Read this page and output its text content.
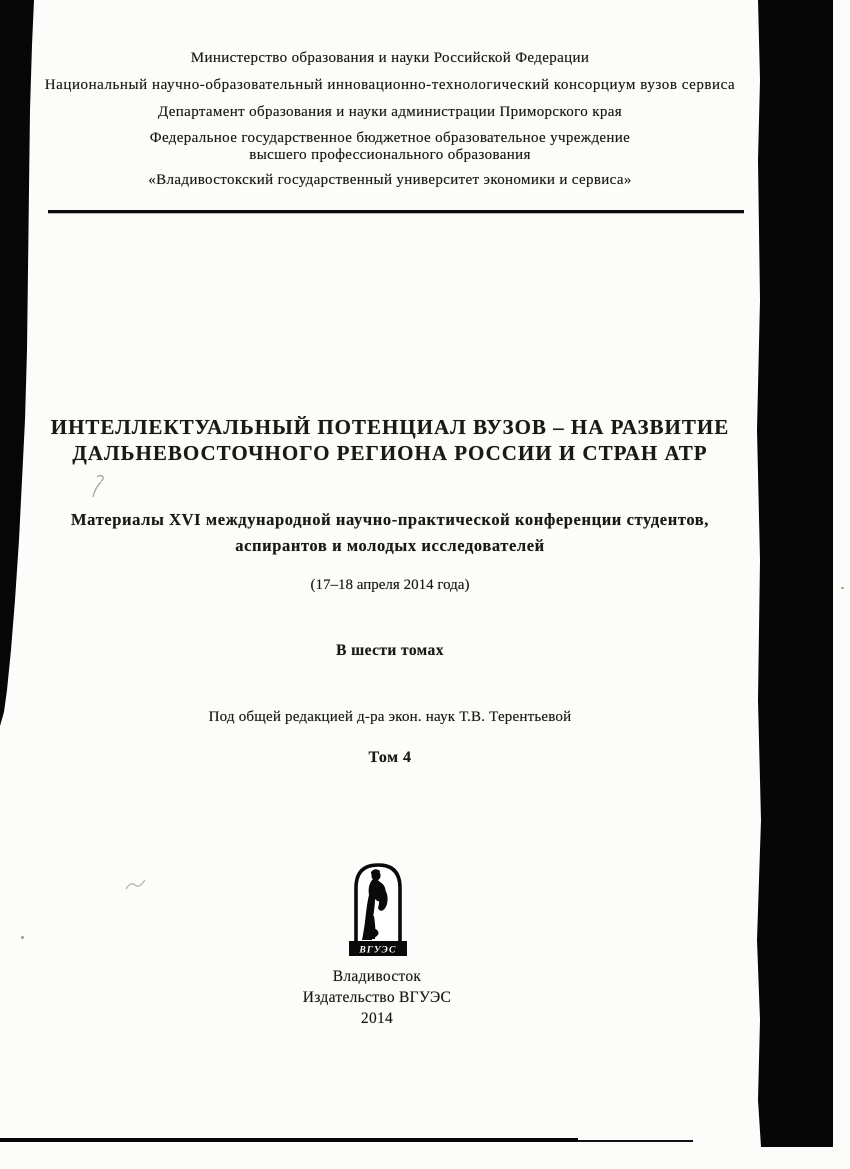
Министерство образования и науки Российской Федерации
Национальный научно-образовательный инновационно-технологический консорциум вузов сервиса
Департамент образования и науки администрации Приморского края
Федеральное государственное бюджетное образовательное учреждение
высшего профессионального образования
«Владивостокский государственный университет экономики и сервиса»
ИНТЕЛЛЕКТУАЛЬНЫЙ ПОТЕНЦИАЛ ВУЗОВ – НА РАЗВИТИЕ
ДАЛЬНЕВОСТОЧНОГО РЕГИОНА РОССИИ И СТРАН АТР
Материалы XVI международной научно-практической конференции студентов,
аспирантов и молодых исследователей
(17–18 апреля 2014 года)
В шести томах
Под общей редакцией д-ра экон. наук Т.В. Терентьевой
Том 4
ВГУЭС
Владивосток
Издательство ВГУЭС
2014
